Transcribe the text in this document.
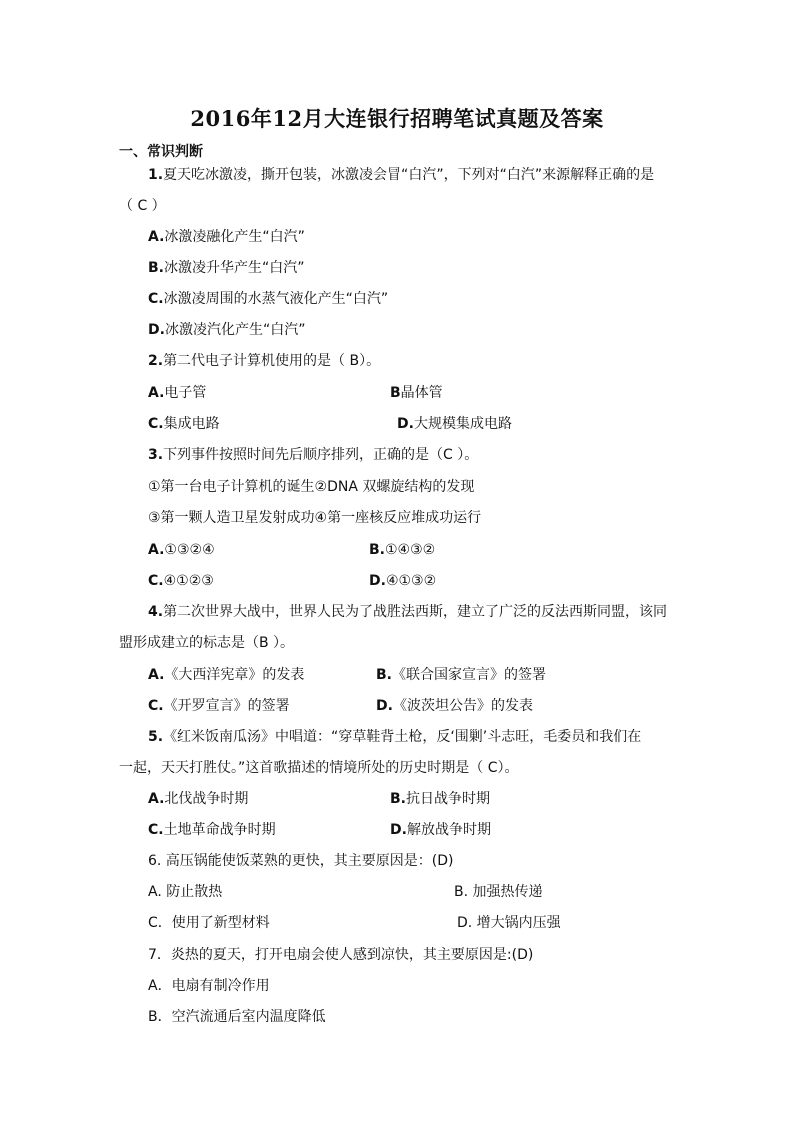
2016年12月大连银行招聘笔试真题及答案
一、常识判断
1.夏天吃冰激凌，撕开包装，冰激凌会冒“白汽”，下列对“白汽”来源解释正确的是
（ C ）
A.冰激凌融化产生“白汽”
B.冰激凌升华产生“白汽”
C.冰激凌周围的水蒸气液化产生“白汽”
D.冰激凌汽化产生“白汽”
2.第二代电子计算机使用的是（ B）。
A.电子管	B晶体管
C.集成电路	D.大规模集成电路
3.下列事件按照时间先后顺序排列，正确的是（C ）。
①第一台电子计算机的诞生②DNA 双螺旋结构的发现
③第一颗人造卫星发射成功④第一座核反应堆成功运行
A.①③②④	B.①④③②
C.④①②③	D.④①③②
4.第二次世界大战中，世界人民为了战胜法西斯，建立了广泛的反法西斯同盟，该同
盟形成建立的标志是（B ）。
A.《大西洋宪章》的发表	B.《联合国家宣言》的签署
C.《开罗宣言》的签署	D.《波茨坦公告》的发表
5.《红米饭南瓜汤》中唱道：“穿草鞋背土枪，反‘围剿’斗志旺，毛委员和我们在
一起，天天打胜仗。”这首歌描述的情境所处的历史时期是（ C）。
A.北伐战争时期	B.抗日战争时期
C.土地革命战争时期	D.解放战争时期
6. 高压锅能使饭菜熟的更快，其主要原因是：(D)
A. 防止散热	B. 加强热传递
C．使用了新型材料	D. 增大锅内压强
7．炎热的夏天，打开电扇会使人感到凉快，其主要原因是:(D)
A．电扇有制冷作用
B．空汽流通后室内温度降低
